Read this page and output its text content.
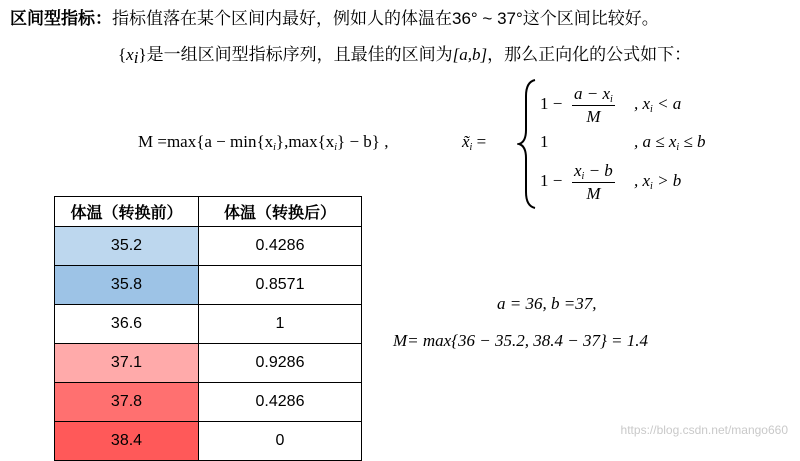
区间型指标：指标值落在某个区间内最好，例如人的体温在36° ~ 37°这个区间比较好。
$\{x_i\}$是一组区间型指标序列，且最佳的区间为[a,b]，那么正向化的公式如下：
$M =\max\{a - \min\{x_i\},\max\{x_i\} - b\}$ ,	$x̃_i$ =
$1 - \frac{a - x_i}{M}$ , $x_i < a$
1	, $a \le x_i \le b$
$1 - \frac{x_i - b}{M}$ , $x_i > b$
体温（转换前）	体温（转换后）
35.2	0.4286
35.8	0.8571
36.6	1
37.1	0.9286
37.8	0.4286
38.4	0
a = 36, b =37,
M= max{36 − 35.2, 38.4 − 37} = 1.4
https://blog.csdn.net/mango660
